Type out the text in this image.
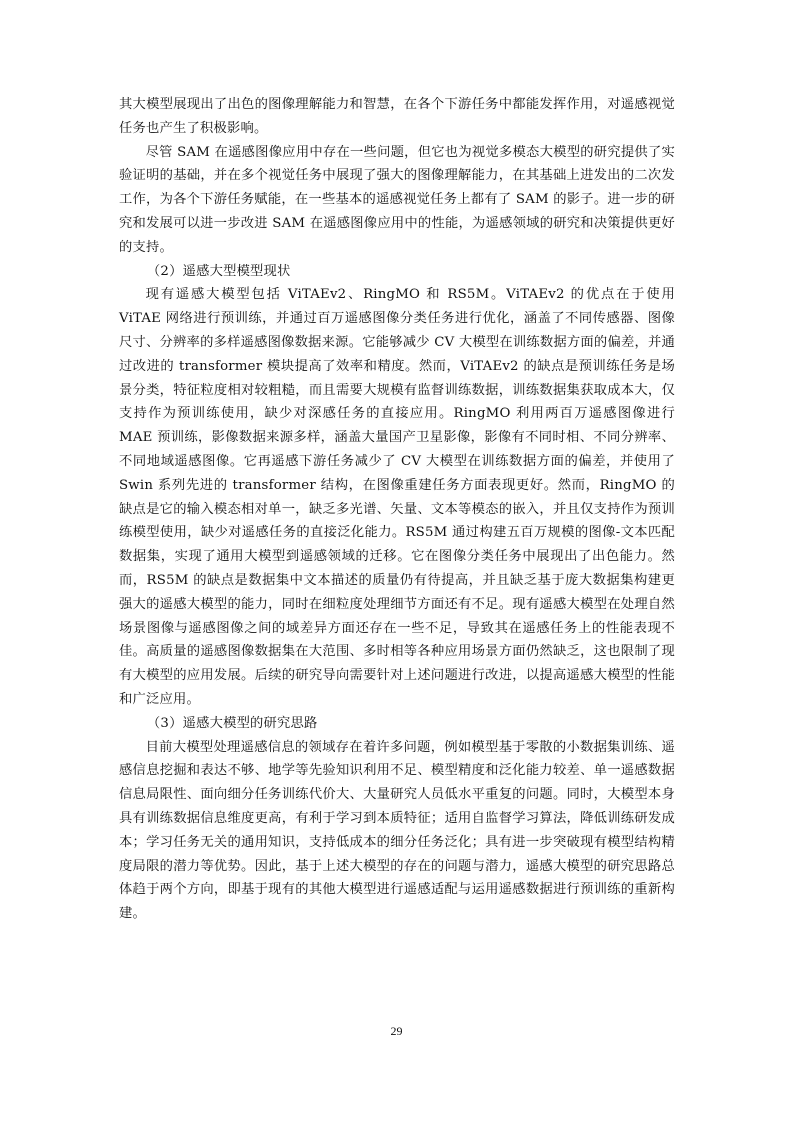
其大模型展现出了出色的图像理解能力和智慧，在各个下游任务中都能发挥作用，对遥感视觉任务也产生了积极影响。

尽管 SAM 在遥感图像应用中存在一些问题，但它也为视觉多模态大模型的研究提供了实验证明的基础，并在多个视觉任务中展现了强大的图像理解能力，在其基础上进发出的二次发工作，为各个下游任务赋能，在一些基本的遥感视觉任务上都有了 SAM 的影子。进一步的研究和发展可以进一步改进 SAM 在遥感图像应用中的性能，为遥感领域的研究和决策提供更好的支持。

（2）遥感大型模型现状

现有遥感大模型包括 ViTAEv2、RingMO 和 RS5M。ViTAEv2 的优点在于使用 ViTAE 网络进行预训练，并通过百万遥感图像分类任务进行优化，涵盖了不同传感器、图像尺寸、分辨率的多样遥感图像数据来源。它能够减少 CV 大模型在训练数据方面的偏差，并通过改进的 transformer 模块提高了效率和精度。然而，ViTAEv2 的缺点是预训练任务是场景分类，特征粒度相对较粗糙，而且需要大规模有监督训练数据，训练数据集获取成本大，仅支持作为预训练使用，缺少对深感任务的直接应用。RingMO 利用两百万遥感图像进行 MAE 预训练，影像数据来源多样，涵盖大量国产卫星影像，影像有不同时相、不同分辨率、不同地域遥感图像。它再遥感下游任务减少了 CV 大模型在训练数据方面的偏差，并使用了 Swin 系列先进的 transformer 结构，在图像重建任务方面表现更好。然而，RingMO 的缺点是它的输入模态相对单一，缺乏多光谱、矢量、文本等模态的嵌入，并且仅支持作为预训练模型使用，缺少对遥感任务的直接泛化能力。RS5M 通过构建五百万规模的图像-文本匹配数据集，实现了通用大模型到遥感领域的迁移。它在图像分类任务中展现出了出色能力。然而，RS5M 的缺点是数据集中文本描述的质量仍有待提高，并且缺乏基于庞大数据集构建更强大的遥感大模型的能力，同时在细粒度处理细节方面还有不足。现有遥感大模型在处理自然场景图像与遥感图像之间的域差异方面还存在一些不足，导致其在遥感任务上的性能表现不佳。高质量的遥感图像数据集在大范围、多时相等各种应用场景方面仍然缺乏，这也限制了现有大模型的应用发展。后续的研究导向需要针对上述问题进行改进，以提高遥感大模型的性能和广泛应用。

（3）遥感大模型的研究思路

目前大模型处理遥感信息的领域存在着许多问题，例如模型基于零散的小数据集训练、遥感信息挖掘和表达不够、地学等先验知识利用不足、模型精度和泛化能力较差、单一遥感数据信息局限性、面向细分任务训练代价大、大量研究人员低水平重复的问题。同时，大模型本身具有训练数据信息维度更高，有利于学习到本质特征；适用自监督学习算法，降低训练研发成本；学习任务无关的通用知识，支持低成本的细分任务泛化；具有进一步突破现有模型结构精度局限的潜力等优势。因此，基于上述大模型的存在的问题与潜力，遥感大模型的研究思路总体趋于两个方向，即基于现有的其他大模型进行遥感适配与运用遥感数据进行预训练的重新构建。

29
